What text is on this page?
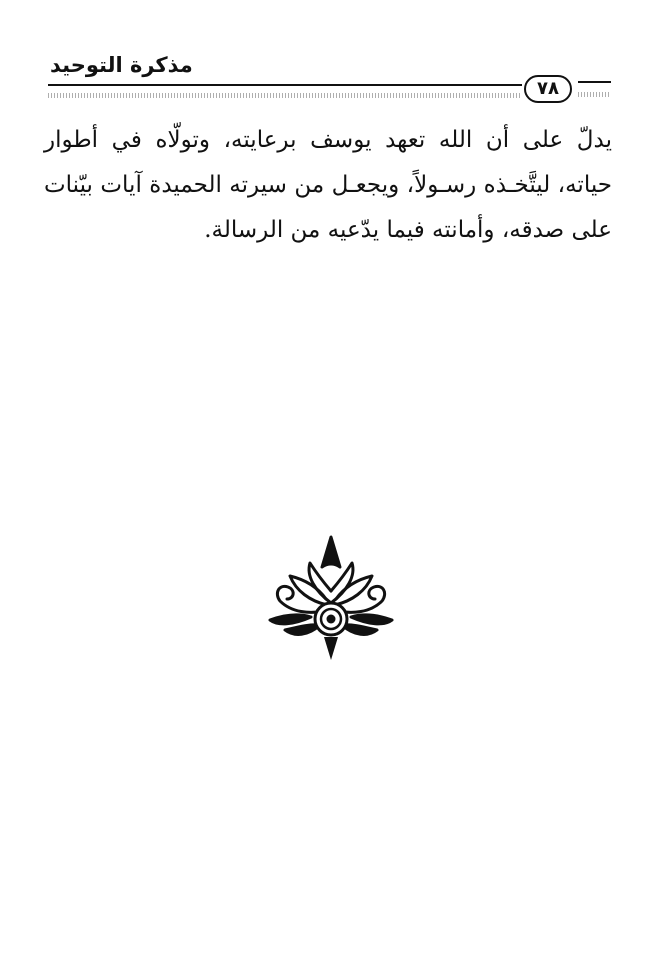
مذكرة التوحيد
٧٨

يدلّ على أن الله تعهد يوسف برعايته، وتولّاه في أطوار حياته، ليتَّخـذه رسـولاً، ويجعـل من سيرته الحميدة آيات بيّنات على صدقه، وأمانته فيما يدّعيه من الرسالة.
